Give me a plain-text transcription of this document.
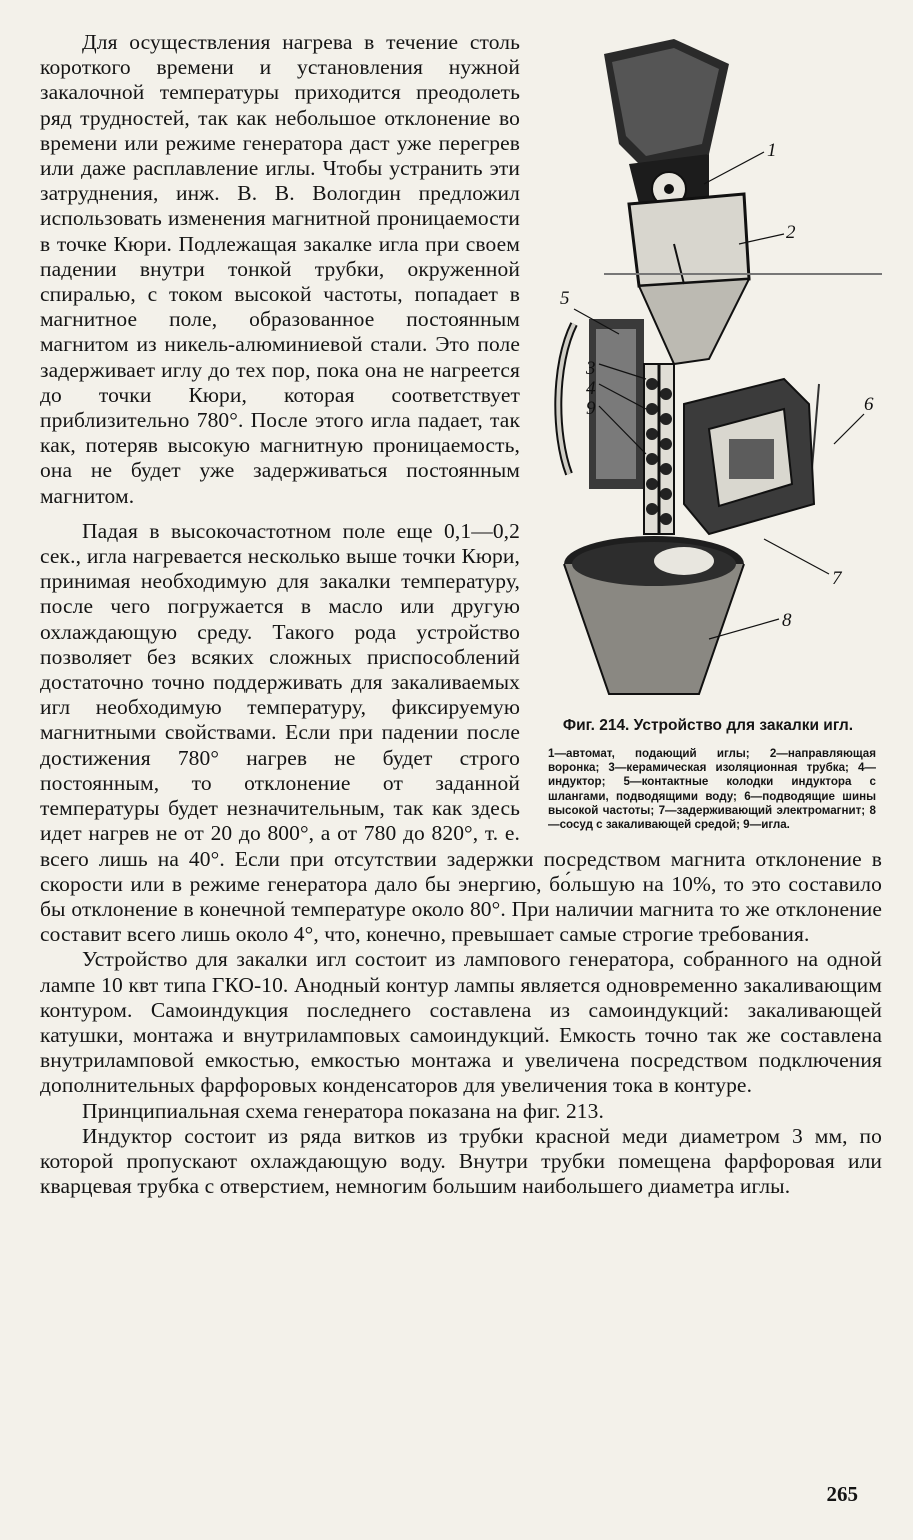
1
2
3
4
5
6
7
8
9
Фиг. 214. Устройство для закалки игл.
1—автомат, подающий иглы; 2—направляющая воронка; 3—керамическая изоляционная трубка; 4—индуктор; 5—контактные колодки индуктора с шлангами, подводящими воду; 6—подводящие шины высокой частоты; 7—задерживающий электромагнит; 8—сосуд с закаливающей средой; 9—игла.

Для осуществления нагрева в течение столь короткого времени и установления нужной закалочной температуры приходится преодолеть ряд трудностей, так как небольшое отклонение во времени или режиме генератора даст уже перегрев или даже расплавление иглы. Чтобы устранить эти затруднения, инж. В. В. Вологдин предложил использовать изменения магнитной проницаемости в точке Кюри. Подлежащая закалке игла при своем падении внутри тонкой трубки, окруженной спиралью, с током высокой частоты, попадает в магнитное поле, образованное постоянным магнитом из никель-алюминиевой стали. Это поле задерживает иглу до тех пор, пока она не нагреется до точки Кюри, которая соответствует приблизительно 780°. После этого игла падает, так как, потеряв высокую магнитную проницаемость, она не будет уже задерживаться постоянным магнитом.

Падая в высокочастотном поле еще 0,1—0,2 сек., игла нагревается несколько выше точки Кюри, принимая необходимую для закалки температуру, после чего погружается в масло или другую охлаждающую среду. Такого рода устройство позволяет без всяких сложных приспособлений достаточно точно поддерживать для закаливаемых игл необходимую температуру, фиксируемую магнитными свойствами. Если при падении после достижения 780° нагрев не будет строго постоянным, то отклонение от заданной температуры будет незначительным, так как здесь идет нагрев не от 20 до 800°, а от 780 до 820°, т. е. всего лишь на 40°. Если при отсутствии задержки посредством магнита отклонение в скорости или в режиме генератора дало бы энергию, бо́льшую на 10%, то это составило бы отклонение в конечной температуре около 80°. При наличии магнита то же отклонение составит всего лишь около 4°, что, конечно, превышает самые строгие требования.

Устройство для закалки игл состоит из лампового генератора, собранного на одной лампе 10 квт типа ГКО-10. Анодный контур лампы является одновременно закаливающим контуром. Самоиндукция последнего составлена из самоиндукций: закаливающей катушки, монтажа и внутриламповых самоиндукций. Емкость точно так же составлена внутриламповой емкостью, емкостью монтажа и увеличена посредством подключения дополнительных фарфоровых конденсаторов для увеличения тока в контуре.

Принципиальная схема генератора показана на фиг. 213.

Индуктор состоит из ряда витков из трубки красной меди диаметром 3 мм, по которой пропускают охлаждающую воду. Внутри трубки помещена фарфоровая или кварцевая трубка с отверстием, немногим большим наибольшего диаметра иглы.

265
